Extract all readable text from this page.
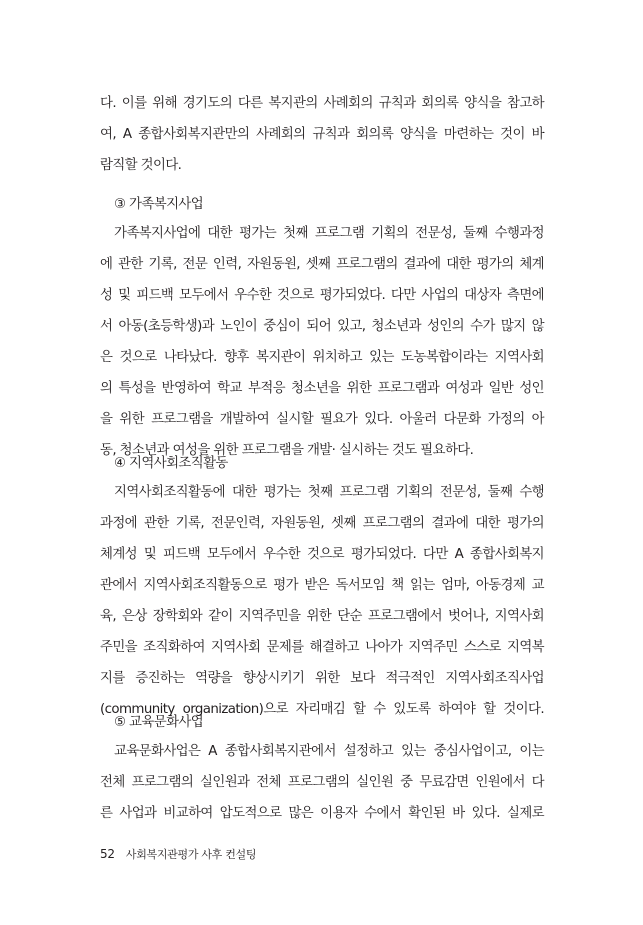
다. 이를 위해 경기도의 다른 복지관의 사례회의 규칙과 회의록 양식을 참고하
여, A 종합사회복지관만의 사례회의 규칙과 회의록 양식을 마련하는 것이 바
람직할 것이다.
③ 가족복지사업
가족복지사업에 대한 평가는 첫째 프로그램 기획의 전문성, 둘째 수행과정
에 관한 기록, 전문 인력, 자원동원, 셋째 프로그램의 결과에 대한 평가의 체계
성 및 피드백 모두에서 우수한 것으로 평가되었다. 다만 사업의 대상자 측면에
서 아동(초등학생)과 노인이 중심이 되어 있고, 청소년과 성인의 수가 많지 않
은 것으로 나타났다. 향후 복지관이 위치하고 있는 도농복합이라는 지역사회
의 특성을 반영하여 학교 부적응 청소년을 위한 프로그램과 여성과 일반 성인
을 위한 프로그램을 개발하여 실시할 필요가 있다. 아울러 다문화 가정의 아
동, 청소년과 여성을 위한 프로그램을 개발· 실시하는 것도 필요하다.
④ 지역사회조직활동
지역사회조직활동에 대한 평가는 첫째 프로그램 기획의 전문성, 둘째 수행
과정에 관한 기록, 전문인력, 자원동원, 셋째 프로그램의 결과에 대한 평가의
체계성 및 피드백 모두에서 우수한 것으로 평가되었다. 다만 A 종합사회복지
관에서 지역사회조직활동으로 평가 받은 독서모임 책 읽는 엄마, 아동경제 교
육, 은상 장학회와 같이 지역주민을 위한 단순 프로그램에서 벗어나, 지역사회
주민을 조직화하여 지역사회 문제를 해결하고 나아가 지역주민 스스로 지역복
지를 증진하는 역량을 향상시키기 위한 보다 적극적인 지역사회조직사업
(community organization)으로 자리매김 할 수 있도록 하여야 할 것이다.
⑤ 교육문화사업
교육문화사업은 A 종합사회복지관에서 설정하고 있는 중심사업이고, 이는
전체 프로그램의 실인원과 전체 프로그램의 실인원 중 무료감면 인원에서 다
른 사업과 비교하여 압도적으로 많은 이용자 수에서 확인된 바 있다. 실제로
52 사회복지관평가 사후 컨설팅
